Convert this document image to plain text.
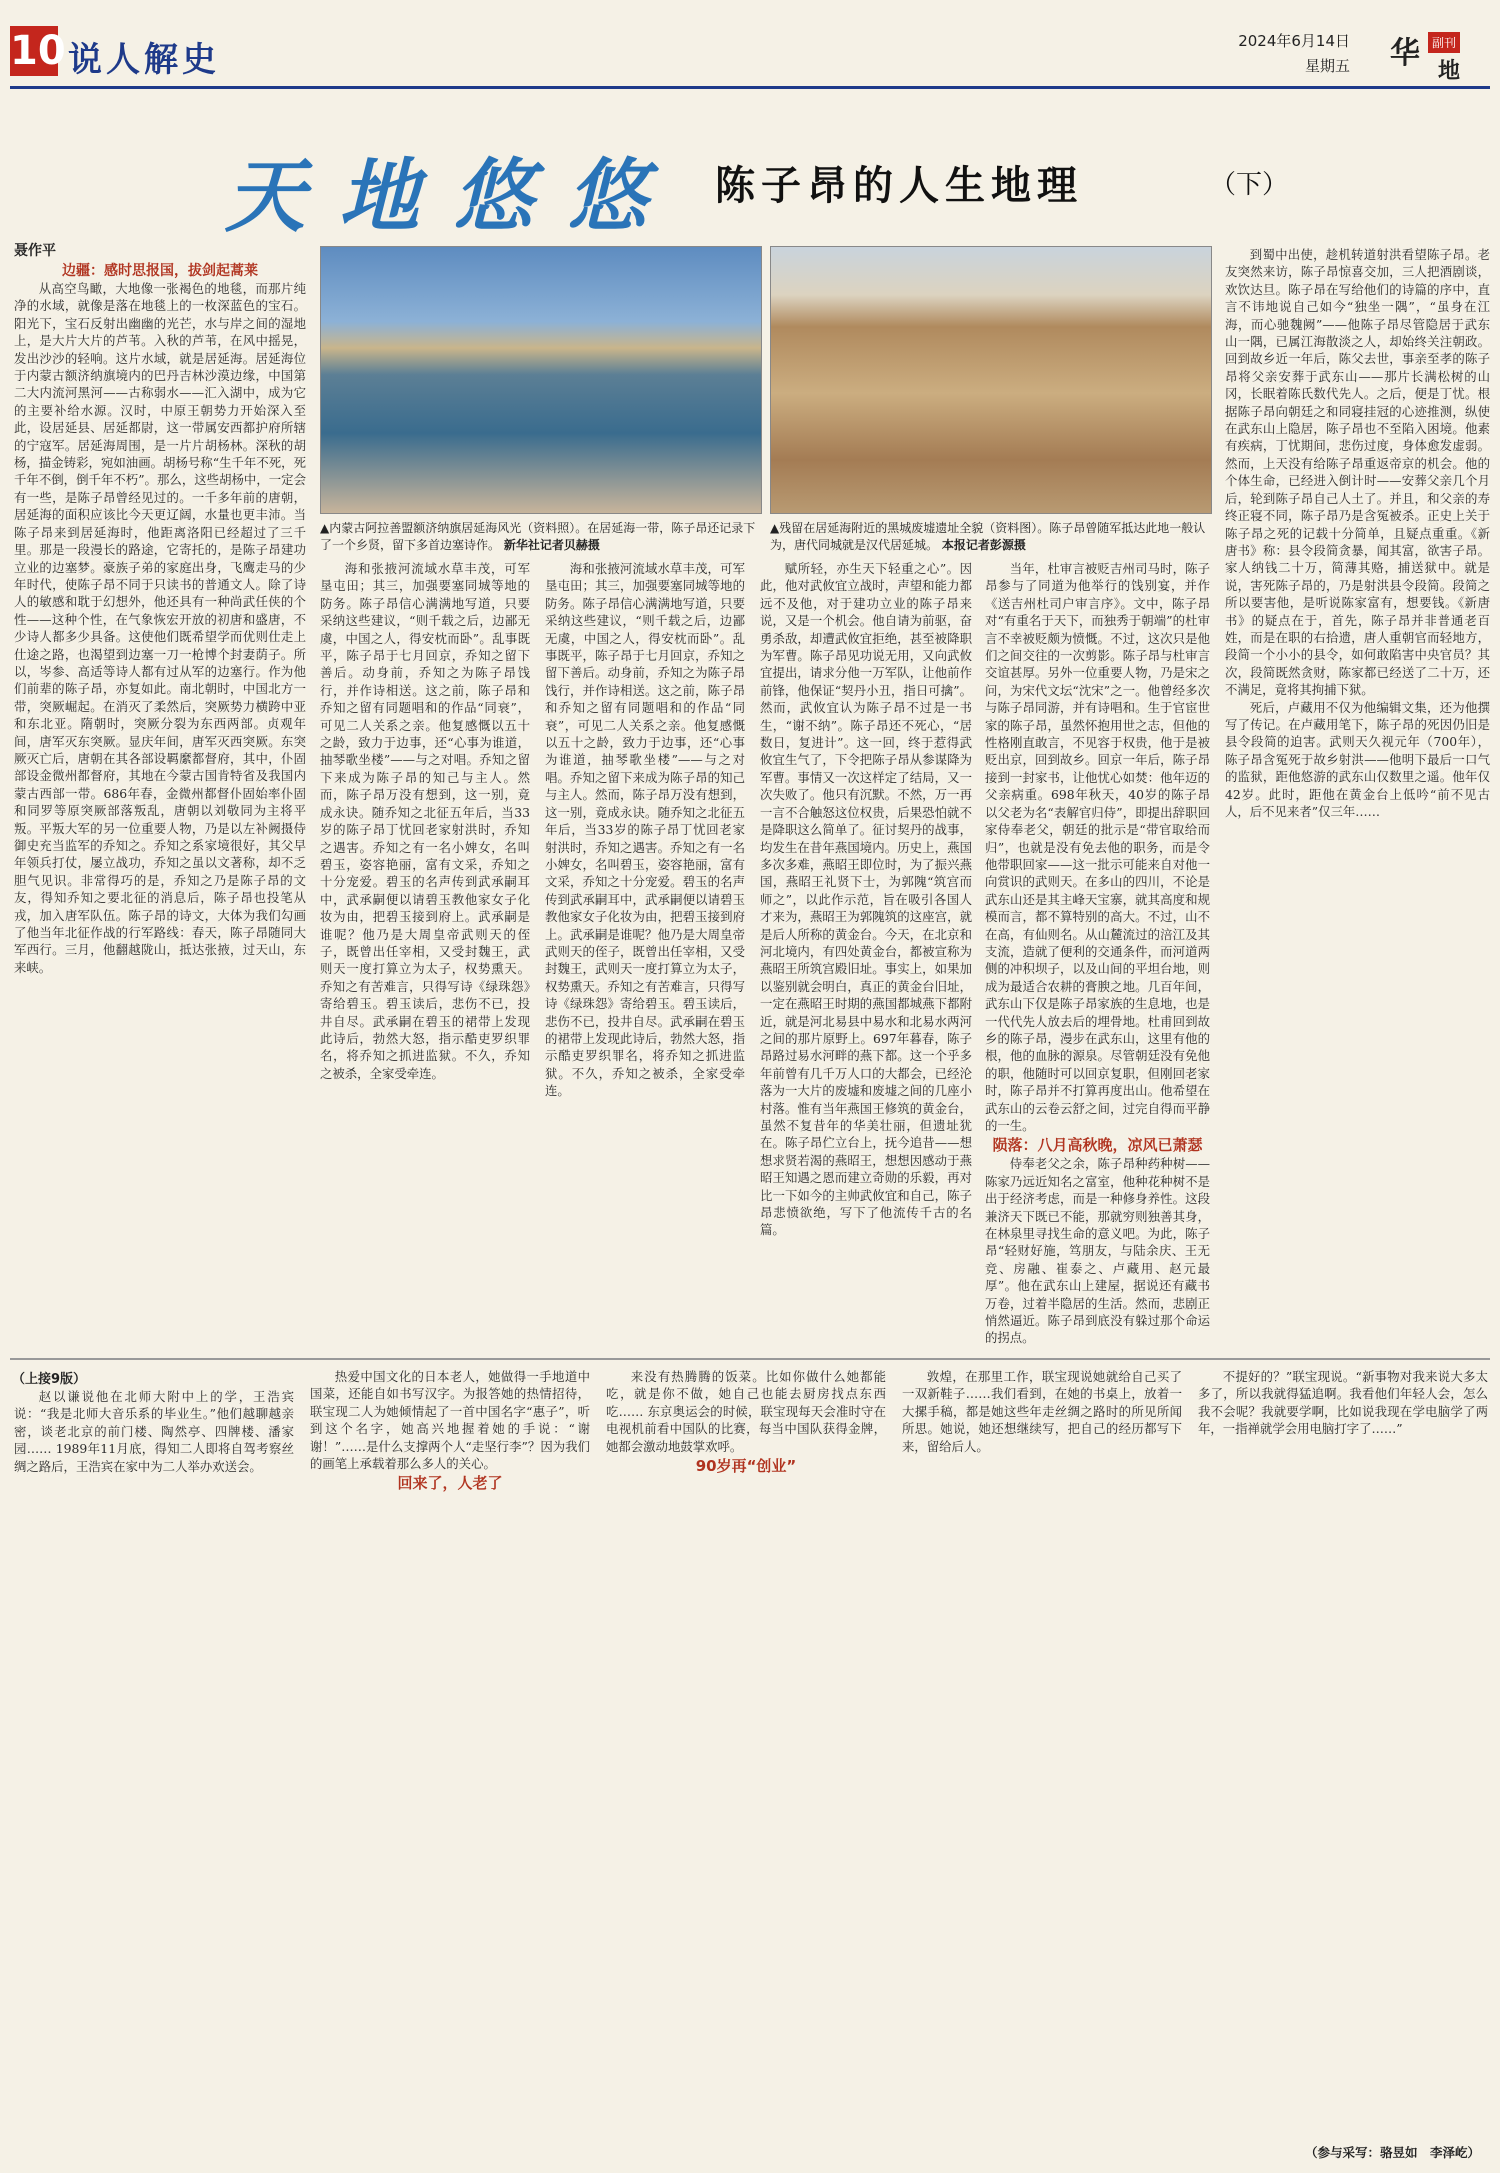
10 说人解史	2024年6月14日
星期五 华 副刊
地
天地悠悠 陈子昂的人生地理	（下）
聂作平
▲内蒙古阿拉善盟额济纳旗居延海风光（资料照）。在居延海一带，陈子昂还记录下了一个乡贤，留下多首边塞诗作。 新华社记者贝赫摄
▲残留在居延海附近的黑城废墟遗址全貌（资料图）。陈子昂曾随军抵达此地一般认为，唐代同城就是汉代居延城。 本报记者彭源摄

边疆：感时思报国，拔剑起蒿莱

从高空鸟瞰，大地像一张褐色的地毯，而那片纯净的水域，就像是落在地毯上的一枚深蓝色的宝石。阳光下，宝石反射出幽幽的光芒，水与岸之间的湿地上，是大片大片的芦苇。入秋的芦苇，在风中摇晃，发出沙沙的轻响。这片水域，就是居延海。居延海位于内蒙古额济纳旗境内的巴丹吉林沙漠边缘，中国第二大内流河黑河——古称弱水——汇入湖中，成为它的主要补给水源。汉时，中原王朝势力开始深入至此，设居延县、居延都尉，这一带属安西都护府所辖的宁寇军。居延海周围，是一片片胡杨林。深秋的胡杨，描金铸彩，宛如油画。胡杨号称“生千年不死，死千年不倒，倒千年不朽”。那么，这些胡杨中，一定会有一些，是陈子昂曾经见过的。一千多年前的唐朝，居延海的面积应该比今天更辽阔，水量也更丰沛。当陈子昂来到居延海时，他距离洛阳已经超过了三千里。那是一段漫长的路途，它寄托的，是陈子昂建功立业的边塞梦。豪族子弟的家庭出身，飞鹰走马的少年时代，使陈子昂不同于只读书的普通文人。除了诗人的敏感和耽于幻想外，他还具有一种尚武任侠的个性——这种个性，在气象恢宏开放的初唐和盛唐，不少诗人都多少具备。这使他们既希望学而优则仕走上仕途之路，也渴望到边塞一刀一枪博个封妻荫子。所以，岑参、高适等诗人都有过从军的边塞行。作为他们前辈的陈子昂，亦复如此。南北朝时，中国北方一带，突厥崛起。在消灭了柔然后，突厥势力横跨中亚和东北亚。隋朝时，突厥分裂为东西两部。贞观年间，唐军灭东突厥。显庆年间，唐军灭西突厥。东突厥灭亡后，唐朝在其各部设羁縻都督府，其中，仆固部设金微州都督府，其地在今蒙古国肯特省及我国内蒙古西部一带。686年春，金微州都督仆固始率仆固和同罗等原突厥部落叛乱，唐朝以刘敬同为主将平叛。平叛大军的另一位重要人物，乃是以左补阙摄侍御史充当监军的乔知之。乔知之系家境很好，其父早年领兵打仗，屡立战功，乔知之虽以文著称，却不乏胆气见识。非常得巧的是，乔知之乃是陈子昂的文友，得知乔知之要北征的消息后，陈子昂也投笔从戎，加入唐军队伍。陈子昂的诗文，大体为我们勾画了他当年北征作战的行军路线：春天，陈子昂随同大军西行。三月，他翻越陇山，抵达张掖，过天山，东来峡。

海和张掖河流域水草丰茂，可军垦屯田；其三，加强要塞同城等地的防务。陈子昂信心满满地写道，只要采纳这些建议，“则千载之后，边鄙无虞，中国之人，得安枕而卧”。乱事既平，陈子昂于七月回京，乔知之留下善后。动身前，乔知之为陈子昂饯行，并作诗相送。这之前，陈子昂和乔知之留有同题唱和的作品“同衰”，可见二人关系之亲。他复感慨以五十之龄，致力于边事，还“心事为谁道，抽琴歌坐楼”——与之对唱。乔知之留下来成为陈子昂的知己与主人。然而，陈子昂万没有想到，这一别，竟成永诀。随乔知之北征五年后，当33岁的陈子昂丁忧回老家射洪时，乔知之遇害。乔知之有一名小婢女，名叫碧玉，姿容艳丽，富有文采，乔知之十分宠爱。碧玉的名声传到武承嗣耳中，武承嗣便以请碧玉教他家女子化妆为由，把碧玉接到府上。武承嗣是谁呢？他乃是大周皇帝武则天的侄子，既曾出任宰相，又受封魏王，武则天一度打算立为太子，权势熏天。乔知之有苦难言，只得写诗《绿珠怨》寄给碧玉。碧玉读后，悲伤不已，投井自尽。武承嗣在碧玉的裙带上发现此诗后，勃然大怒，指示酷吏罗织罪名，将乔知之抓进监狱。不久，乔知之被杀，全家受牵连。

海和张掖河流域水草丰茂，可军垦屯田；其三，加强要塞同城等地的防务。陈子昂信心满满地写道，只要采纳这些建议，“则千载之后，边鄙无虞，中国之人，得安枕而卧”。乱事既平，陈子昂于七月回京，乔知之留下善后。动身前，乔知之为陈子昂饯行，并作诗相送。这之前，陈子昂和乔知之留有同题唱和的作品“同衰”，可见二人关系之亲。他复感慨以五十之龄，致力于边事，还“心事为谁道，抽琴歌坐楼”——与之对唱。乔知之留下来成为陈子昂的知己与主人。然而，陈子昂万没有想到，这一别，竟成永诀。随乔知之北征五年后，当33岁的陈子昂丁忧回老家射洪时，乔知之遇害。乔知之有一名小婢女，名叫碧玉，姿容艳丽，富有文采，乔知之十分宠爱。碧玉的名声传到武承嗣耳中，武承嗣便以请碧玉教他家女子化妆为由，把碧玉接到府上。武承嗣是谁呢？他乃是大周皇帝武则天的侄子，既曾出任宰相，又受封魏王，武则天一度打算立为太子，权势熏天。乔知之有苦难言，只得写诗《绿珠怨》寄给碧玉。碧玉读后，悲伤不已，投井自尽。武承嗣在碧玉的裙带上发现此诗后，勃然大怒，指示酷吏罗织罪名，将乔知之抓进监狱。不久，乔知之被杀，全家受牵连。

赋所轻，亦生天下轻重之心”。因此，他对武攸宜立战时，声望和能力都远不及他，对于建功立业的陈子昂来说，又是一个机会。他自请为前驱，奋勇杀敌，却遭武攸宜拒绝，甚至被降职为军曹。陈子昂见功说无用，又向武攸宜提出，请求分他一万军队，让他前作前锋，他保证“契丹小丑，指日可擒”。然而，武攸宜认为陈子昂不过是一书生，“谢不纳”。陈子昂还不死心，“居数日，复进计”。这一回，终于惹得武攸宜生气了，下令把陈子昂从参谋降为军曹。事情又一次这样定了结局，又一次失败了。他只有沉默。不然，万一再一言不合触怒这位权贵，后果恐怕就不是降职这么简单了。征讨契丹的战事，均发生在昔年燕国境内。历史上，燕国多次多难，燕昭王即位时，为了振兴燕国，燕昭王礼贤下士，为郭隗“筑宫而师之”，以此作示范，旨在吸引各国人才来为，燕昭王为郭隗筑的这座宫，就是后人所称的黄金台。今天，在北京和河北境内，有四处黄金台，都被宣称为燕昭王所筑宫殿旧址。事实上，如果加以鉴别就会明白，真正的黄金台旧址，一定在燕昭王时期的燕国都城燕下都附近，就是河北易县中易水和北易水两河之间的那片原野上。697年暮春，陈子昂路过易水河畔的燕下都。这一个乎多年前曾有几千万人口的大都会，已经沦落为一大片的废墟和废墟之间的几座小村落。惟有当年燕国王修筑的黄金台，虽然不复昔年的华美壮丽，但遗址犹在。陈子昂伫立台上，抚今追昔——想想求贤若渴的燕昭王，想想因感动于燕昭王知遇之恩而建立奇勋的乐毅，再对比一下如今的主帅武攸宜和自己，陈子昂悲愤欲绝，写下了他流传千古的名篇。

当年，杜审言被贬吉州司马时，陈子昂参与了同道为他举行的饯别宴，并作《送吉州杜司户审言序》。文中，陈子昂对“有重名于天下，而独秀于朝端”的杜审言不幸被贬颇为愤慨。不过，这次只是他们之间交往的一次剪影。陈子昂与杜审言交谊甚厚。另外一位重要人物，乃是宋之问，为宋代文坛“沈宋”之一。他曾经多次与陈子昂同游，并有诗唱和。生于官宦世家的陈子昂，虽然怀抱用世之志，但他的性格刚直敢言，不见容于权贵，他于是被贬出京，回到故乡。回京一年后，陈子昂接到一封家书，让他忧心如焚：他年迈的父亲病重。698年秋天，40岁的陈子昂以父老为名“表解官归侍”，即提出辞职回家侍奉老父，朝廷的批示是“带官取给而归”，也就是没有免去他的职务，而是令他带职回家——这一批示可能来自对他一向赏识的武则天。在多山的四川，不论是武东山还是其主峰天宝寨，就其高度和规模而言，都不算特别的高大。不过，山不在高，有仙则名。从山麓流过的涪江及其支流，造就了便利的交通条件，而河道两侧的冲积坝子，以及山间的平坦台地，则成为最适合农耕的膏腴之地。几百年间，武东山下仅是陈子昂家族的生息地，也是一代代先人放去后的埋骨地。杜甫回到故乡的陈子昂，漫步在武东山，这里有他的根，他的血脉的源泉。尽管朝廷没有免他的职，他随时可以回京复职，但刚回老家时，陈子昂并不打算再度出山。他希望在武东山的云卷云舒之间，过完自得而平静的一生。

陨落：八月高秋晚，凉风已萧瑟

侍奉老父之余，陈子昂种药种树——陈家乃远近知名之富室，他种花种树不是出于经济考虑，而是一种修身养性。这段兼济天下既已不能，那就穷则独善其身，在林泉里寻找生命的意义吧。为此，陈子昂“轻财好施，笃朋友，与陆余庆、王无竞、房融、崔泰之、卢藏用、赵元最厚”。他在武东山上建屋，据说还有藏书万卷，过着半隐居的生活。然而，悲剧正悄然逼近。陈子昂到底没有躲过那个命运的拐点。

到蜀中出使，趁机转道射洪看望陈子昂。老友突然来访，陈子昂惊喜交加，三人把酒剧谈，欢饮达旦。陈子昂在写给他们的诗篇的序中，直言不讳地说自己如今“独坐一隅”，“虽身在江海，而心驰魏阙”——他陈子昂尽管隐居于武东山一隅，已属江海散淡之人，却始终关注朝政。回到故乡近一年后，陈父去世，事亲至孝的陈子昂将父亲安葬于武东山——那片长满松树的山冈，长眠着陈氏数代先人。之后，便是丁忧。根据陈子昂向朝廷之和同寝挂冠的心迹推测，纵使在武东山上隐居，陈子昂也不至陷入困境。他素有疾病，丁忧期间，悲伤过度，身体愈发虚弱。然而，上天没有给陈子昂重返帝京的机会。他的个体生命，已经进入倒计时——安葬父亲几个月后，轮到陈子昂自己人土了。并且，和父亲的寿终正寝不同，陈子昂乃是含冤被杀。正史上关于陈子昂之死的记载十分简单，且疑点重重。《新唐书》称：县令段简贪暴，闻其富，欲害子昂。家人纳钱二十万，简薄其赂，捕送狱中。就是说，害死陈子昂的，乃是射洪县令段简。段简之所以要害他，是听说陈家富有，想要钱。《新唐书》的疑点在于，首先，陈子昂并非普通老百姓，而是在职的右拾遗，唐人重朝官而轻地方，段简一个小小的县令，如何敢陷害中央官员？其次，段简既然贪财，陈家都已经送了二十万，还不满足，竟将其拘捕下狱。

死后，卢藏用不仅为他编辑文集，还为他撰写了传记。在卢藏用笔下，陈子昂的死因仍旧是县令段简的迫害。武则天久视元年（700年），陈子昂含冤死于故乡射洪——他明下最后一口气的监狱，距他悠游的武东山仅数里之遥。他年仅42岁。此时，距他在黄金台上低吟“前不见古人，后不见来者”仅三年……

（上接9版）

赵以谦说他在北师大附中上的学，王浩宾说：“我是北师大音乐系的毕业生。”他们越聊越亲密，谈老北京的前门楼、陶然亭、四牌楼、潘家园…… 1989年11月底，得知二人即将自驾考察丝绸之路后，王浩宾在家中为二人举办欢送会。

热爱中国文化的日本老人，她做得一手地道中国菜，还能自如书写汉字。为报答她的热情招待，联宝现二人为她倾情起了一首中国名字“惠子”，听到这个名字，她高兴地握着她的手说：“谢谢！”……是什么支撑两个人“走坚行李”？因为我们的画笔上承载着那么多人的关心。

回来了，人老了

来没有热腾腾的饭菜。比如你做什么她都能吃，就是你不做，她自己也能去厨房找点东西吃…… 东京奥运会的时候，联宝现每天会准时守在电视机前看中国队的比赛，每当中国队获得金牌，她都会激动地鼓掌欢呼。

90岁再“创业”

敦煌，在那里工作，联宝现说她就给自己买了一双新鞋子……我们看到，在她的书桌上，放着一大摞手稿，都是她这些年走丝绸之路时的所见所闻所思。她说，她还想继续写，把自己的经历都写下来，留给后人。

不提好的？”联宝现说。“新事物对我来说大多太多了，所以我就得猛追啊。我看他们年轻人会，怎么我不会呢？我就要学啊，比如说我现在学电脑学了两年，一指禅就学会用电脑打字了……”

（参与采写：骆昱如　李泽屹）
